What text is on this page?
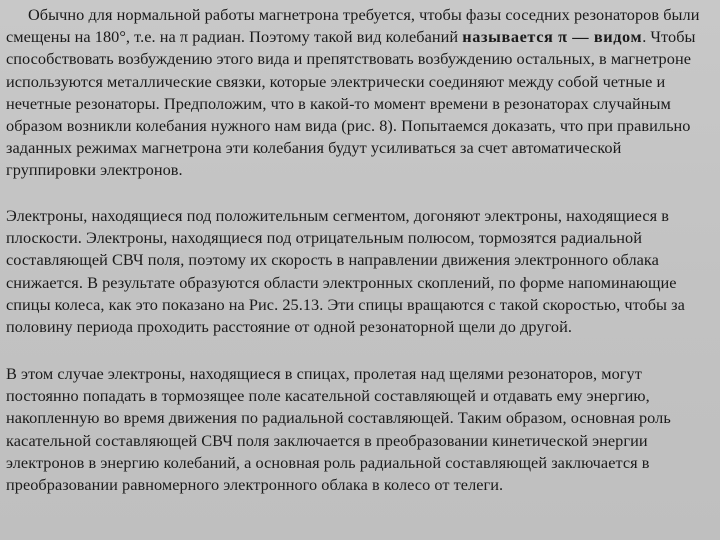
Обычно для нормальной работы магнетрона требуется, чтобы фазы соседних резонаторов были смещены на 180°, т.е. на π радиан. Поэтому такой вид колебаний называется π — видом. Чтобы способствовать возбуждению этого вида и препятствовать возбуждению остальных, в магнетроне используются металлические связки, которые электрически соединяют между собой четные и нечетные резонаторы. Предположим, что в какой-то момент времени в резонаторах случайным образом возникли колебания нужного нам вида (рис. 8). Попытаемся доказать, что при правильно заданных режимах магнетрона эти колебания будут усиливаться за счет автоматической группировки электронов.

Электроны, находящиеся под положительным сегментом, догоняют электроны, находящиеся в плоскости. Электроны, находящиеся под отрицательным полюсом, тормозятся радиальной составляющей СВЧ поля, поэтому их скорость в направлении движения электронного облака снижается. В результате образуются области электронных скоплений, по форме напоминающие спицы колеса, как это показано на Рис. 25.13. Эти спицы вращаются с такой скоростью, чтобы за половину периода проходить расстояние от одной резонаторной щели до другой.

В этом случае электроны, находящиеся в спицах, пролетая над щелями резонаторов, могут постоянно попадать в тормозящее поле касательной составляющей и отдавать ему энергию, накопленную во время движения по радиальной составляющей. Таким образом, основная роль касательной составляющей СВЧ поля заключается в преобразовании кинетической энергии электронов в энергию колебаний, а основная роль радиальной составляющей заключается в преобразовании равномерного электронного облака в колесо от телеги.
